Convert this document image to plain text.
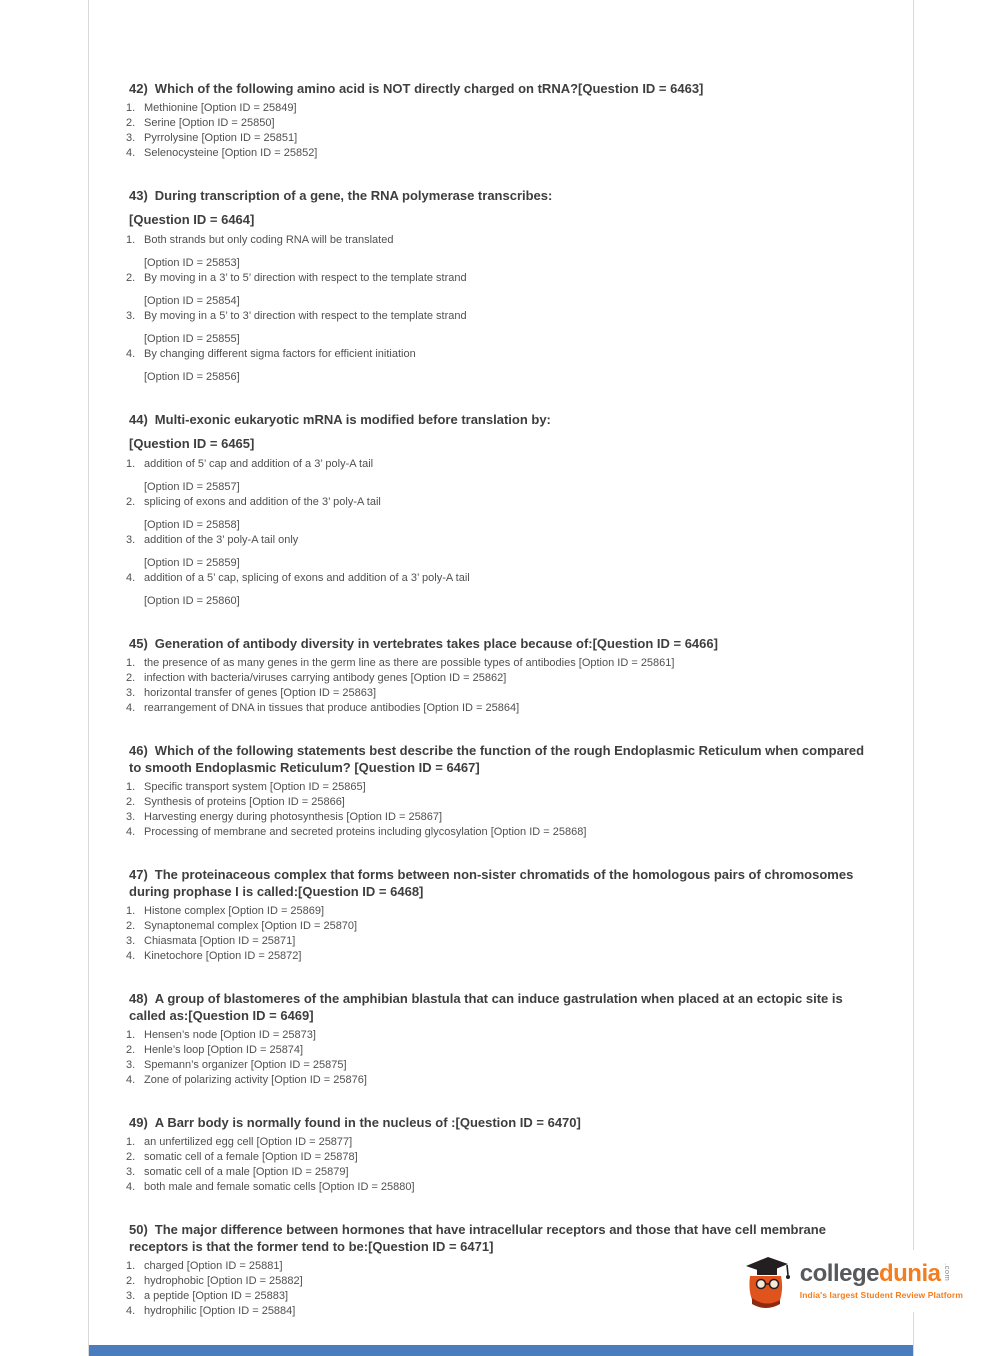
42) Which of the following amino acid is NOT directly charged on tRNA?[Question ID = 6463]
1. Methionine [Option ID = 25849]
2. Serine [Option ID = 25850]
3. Pyrrolysine [Option ID = 25851]
4. Selenocysteine [Option ID = 25852]
43) During transcription of a gene, the RNA polymerase transcribes:
[Question ID = 6464]
1. Both strands but only coding RNA will be translated
[Option ID = 25853]
2. By moving in a 3’ to 5’ direction with respect to the template strand
[Option ID = 25854]
3. By moving in a 5’ to 3’ direction with respect to the template strand
[Option ID = 25855]
4. By changing different sigma factors for efficient initiation
[Option ID = 25856]
44) Multi-exonic eukaryotic mRNA is modified before translation by:
[Question ID = 6465]
1. addition of 5’ cap and addition of a 3’ poly-A tail
[Option ID = 25857]
2. splicing of exons and addition of the 3’ poly-A tail
[Option ID = 25858]
3. addition of the 3’ poly-A tail only
[Option ID = 25859]
4. addition of a 5’ cap, splicing of exons and addition of a 3’ poly-A tail
[Option ID = 25860]
45) Generation of antibody diversity in vertebrates takes place because of:[Question ID = 6466]
1. the presence of as many genes in the germ line as there are possible types of antibodies [Option ID = 25861]
2. infection with bacteria/viruses carrying antibody genes [Option ID = 25862]
3. horizontal transfer of genes [Option ID = 25863]
4. rearrangement of DNA in tissues that produce antibodies [Option ID = 25864]
46) Which of the following statements best describe the function of the rough Endoplasmic Reticulum when compared to smooth Endoplasmic Reticulum? [Question ID = 6467]
1. Specific transport system [Option ID = 25865]
2. Synthesis of proteins [Option ID = 25866]
3. Harvesting energy during photosynthesis [Option ID = 25867]
4. Processing of membrane and secreted proteins including glycosylation [Option ID = 25868]
47) The proteinaceous complex that forms between non-sister chromatids of the homologous pairs of chromosomes during prophase I is called:[Question ID = 6468]
1. Histone complex [Option ID = 25869]
2. Synaptonemal complex [Option ID = 25870]
3. Chiasmata [Option ID = 25871]
4. Kinetochore [Option ID = 25872]
48) A group of blastomeres of the amphibian blastula that can induce gastrulation when placed at an ectopic site is called as:[Question ID = 6469]
1. Hensen’s node [Option ID = 25873]
2. Henle’s loop [Option ID = 25874]
3. Spemann’s organizer [Option ID = 25875]
4. Zone of polarizing activity [Option ID = 25876]
49) A Barr body is normally found in the nucleus of :[Question ID = 6470]
1. an unfertilized egg cell [Option ID = 25877]
2. somatic cell of a female [Option ID = 25878]
3. somatic cell of a male [Option ID = 25879]
4. both male and female somatic cells [Option ID = 25880]
50) The major difference between hormones that have intracellular receptors and those that have cell membrane receptors is that the former tend to be:[Question ID = 6471]
1. charged [Option ID = 25881]
2. hydrophobic [Option ID = 25882]
3. a peptide [Option ID = 25883]
4. hydrophilic [Option ID = 25884]
college dunia .com
India's largest Student Review Platform
